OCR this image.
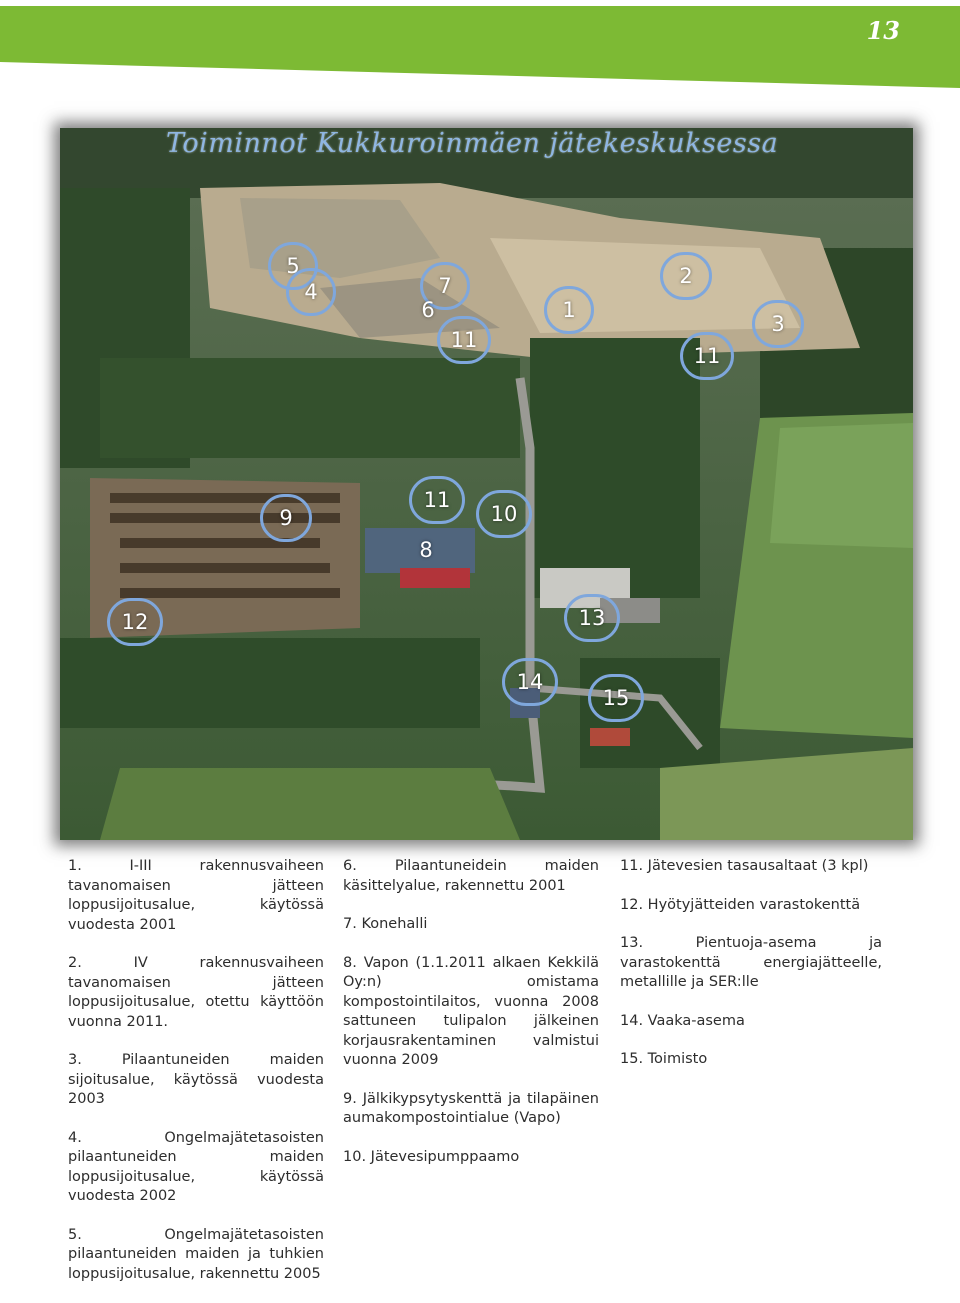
13
Toiminnot Kukkuroinmäen jätekeskuksessa
5
4	7
6
11
1
2
11
3
11
10
9
8
12	13
14
15

1. I-III rakennusvaiheen tavanomaisen jätteen loppusijoitusalue, käytössä vuodesta 2001

2. IV rakennusvaiheen tavanomaisen jätteen loppusijoitusalue, otettu käyttöön vuonna 2011.

3. Pilaantuneiden maiden sijoitusalue, käytössä vuodesta 2003

4. Ongelmajätetasoisten pilaantuneiden maiden loppusijoitusalue, käytössä vuodesta 2002

5. Ongelmajätetasoisten pilaantuneiden maiden ja tuhkien loppusijoitusalue, rakennettu 2005

6. Pilaantuneidein maiden käsittelyalue, rakennettu 2001

7. Konehalli

8. Vapon (1.1.2011 alkaen Kekkilä Oy:n) omistama kompostointilaitos, vuonna 2008 sattuneen tulipalon jälkeinen korjausrakentaminen valmistui vuonna 2009

9. Jälkikypsytyskenttä ja tilapäinen aumakompostointialue (Vapo)

10. Jätevesipumppaamo

11. Jätevesien tasausaltaat (3 kpl)

12. Hyötyjätteiden varastokenttä

13. Pientuoja-asema ja varastokenttä energiajätteelle, metallille ja SER:lle

14. Vaaka-asema

15. Toimisto
